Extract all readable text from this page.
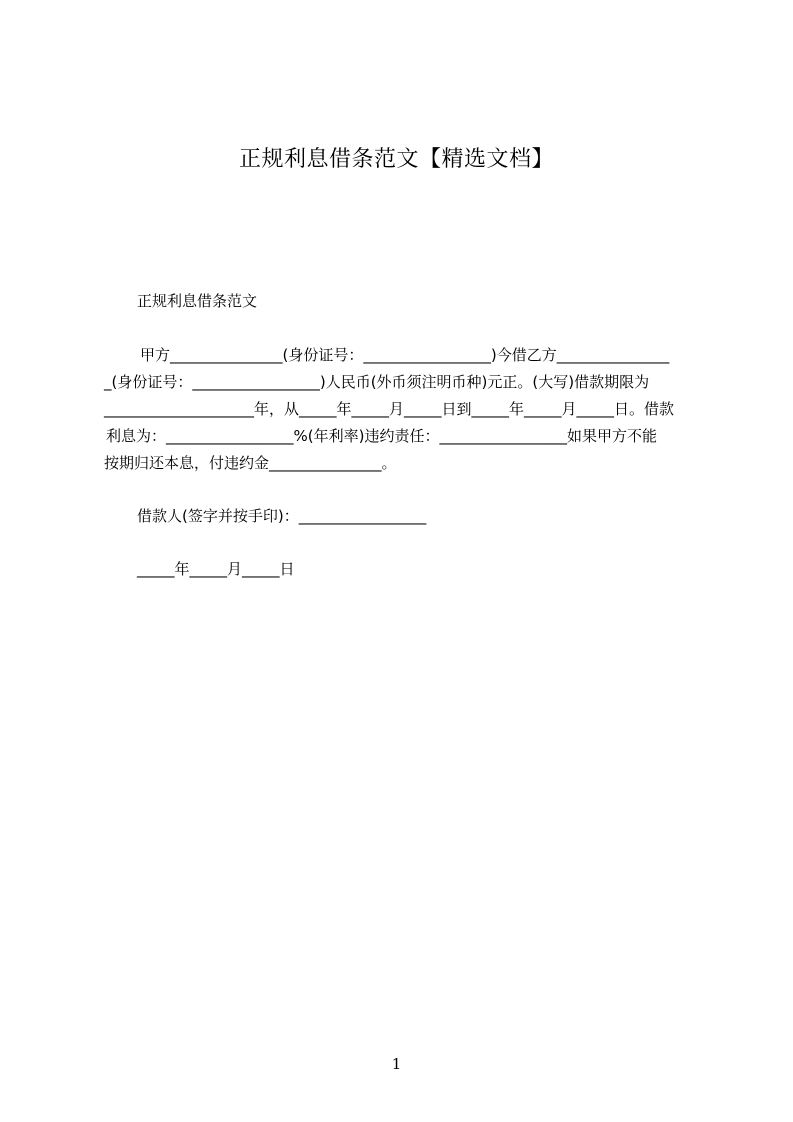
正规利息借条范文【精选文档】
正规利息借条范文
甲方_______________(身份证号：_________________)今借乙方_______________
_(身份证号：_________________)人民币(外币须注明币种)元正。(大写)借款期限为
____________________年，从_____年_____月_____日到_____年_____月_____日。借款
利息为：_________________%(年利率)违约责任：_________________如果甲方不能
按期归还本息，付违约金_______________。
借款人(签字并按手印)：_________________
_____年_____月_____日
1
